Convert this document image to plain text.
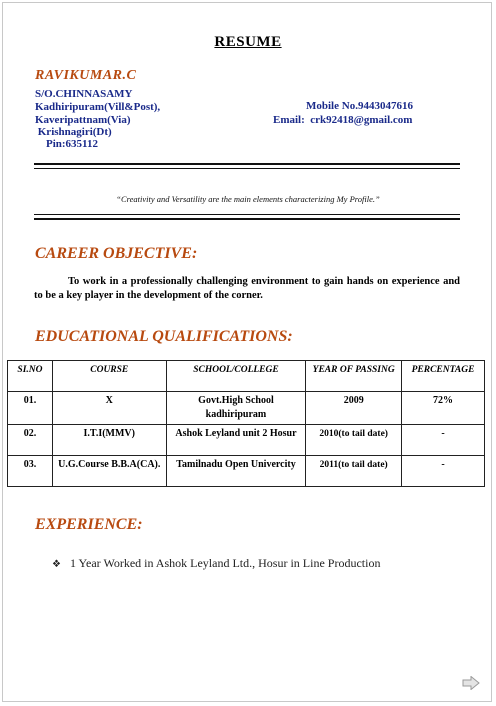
RESUME
RAVIKUMAR.C
S/O.CHINNASAMY
Kadhiripuram(Vill&Post),
Kaveripattnam(Via)
Krishnagiri(Dt)
Pin:635112
Mobile No.9443047616
Email:  crk92418@gmail.com
“Creativity and Versatility are the main elements characterizing My Profile.”
CAREER OBJECTIVE:
To work in a professionally challenging environment to gain hands on experience and to be a key player in the development of the corner.
EDUCATIONAL QUALIFICATIONS:
SI.NO	COURSE	SCHOOL/COLLEGE	YEAR OF PASSING	PERCENTAGE
01.	X	Govt.High School kadhiripuram	2009	72%
02.	I.T.I(MMV)	Ashok Leyland unit 2 Hosur	2010(to tail date)	-
03.	U.G.Course B.B.A(CA).	Tamilnadu Open Univercity	2011(to tail date)	-
EXPERIENCE:
❖ 1 Year Worked in Ashok Leyland Ltd., Hosur in Line Production
